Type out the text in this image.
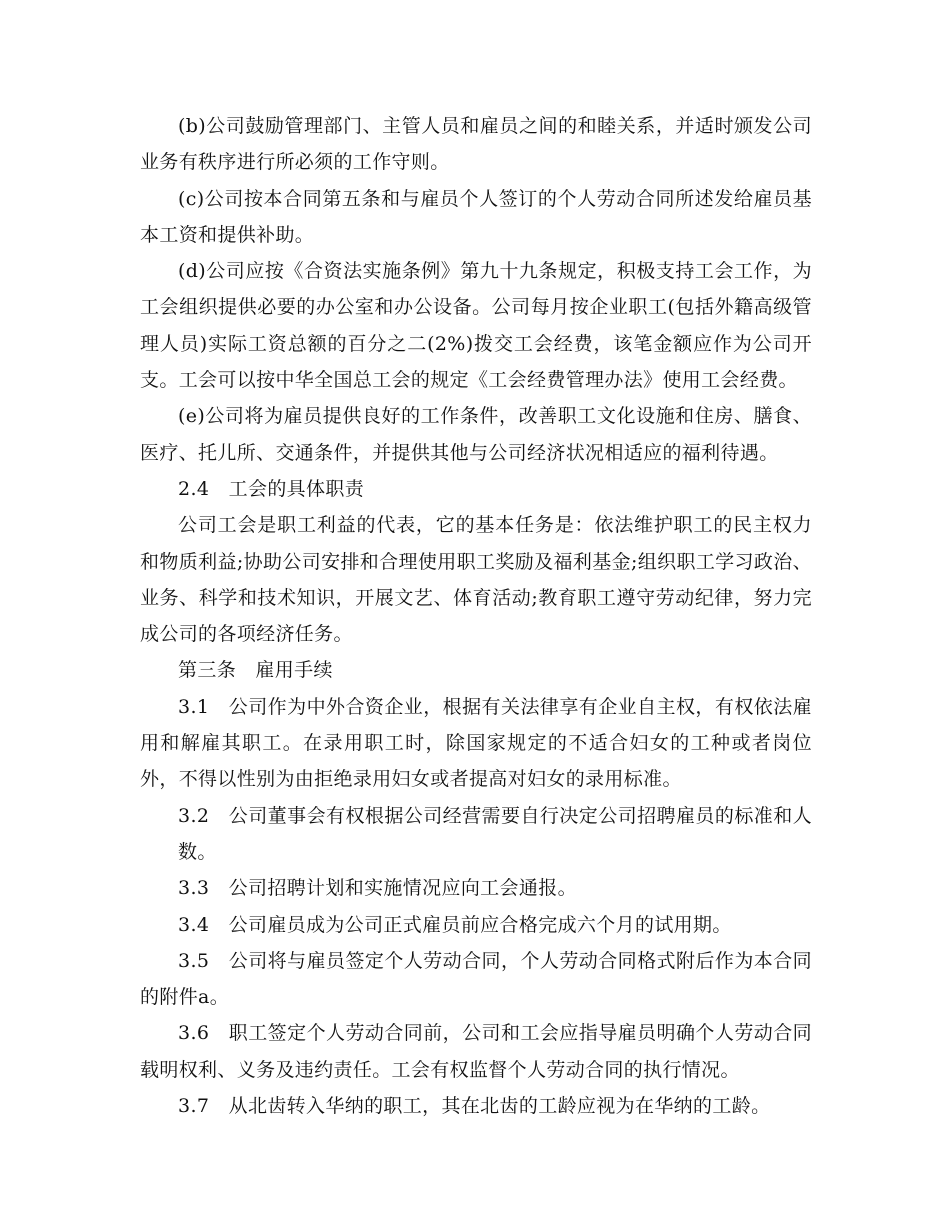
(b)公司鼓励管理部门、主管人员和雇员之间的和睦关系，并适时颁发公司业务有秩序进行所必须的工作守则。

(c)公司按本合同第五条和与雇员个人签订的个人劳动合同所述发给雇员基本工资和提供补助。

(d)公司应按《合资法实施条例》第九十九条规定，积极支持工会工作，为工会组织提供必要的办公室和办公设备。公司每月按企业职工(包括外籍高级管理人员)实际工资总额的百分之二(2%)拨交工会经费，该笔金额应作为公司开支。工会可以按中华全国总工会的规定《工会经费管理办法》使用工会经费。

(e)公司将为雇员提供良好的工作条件，改善职工文化设施和住房、膳食、医疗、托儿所、交通条件，并提供其他与公司经济状况相适应的福利待遇。

2.4　工会的具体职责

公司工会是职工利益的代表，它的基本任务是：依法维护职工的民主权力和物质利益;协助公司安排和合理使用职工奖励及福利基金;组织职工学习政治、业务、科学和技术知识，开展文艺、体育活动;教育职工遵守劳动纪律，努力完成公司的各项经济任务。

第三条　雇用手续

3.1　公司作为中外合资企业，根据有关法律享有企业自主权，有权依法雇用和解雇其职工。在录用职工时，除国家规定的不适合妇女的工种或者岗位外，不得以性别为由拒绝录用妇女或者提高对妇女的录用标准。

3.2　公司董事会有权根据公司经营需要自行决定公司招聘雇员的标准和人数。

3.3　公司招聘计划和实施情况应向工会通报。

3.4　公司雇员成为公司正式雇员前应合格完成六个月的试用期。

3.5　公司将与雇员签定个人劳动合同，个人劳动合同格式附后作为本合同的附件a。

3.6　职工签定个人劳动合同前，公司和工会应指导雇员明确个人劳动合同载明权利、义务及违约责任。工会有权监督个人劳动合同的执行情况。

3.7　从北齿转入华纳的职工，其在北齿的工龄应视为在华纳的工龄。
